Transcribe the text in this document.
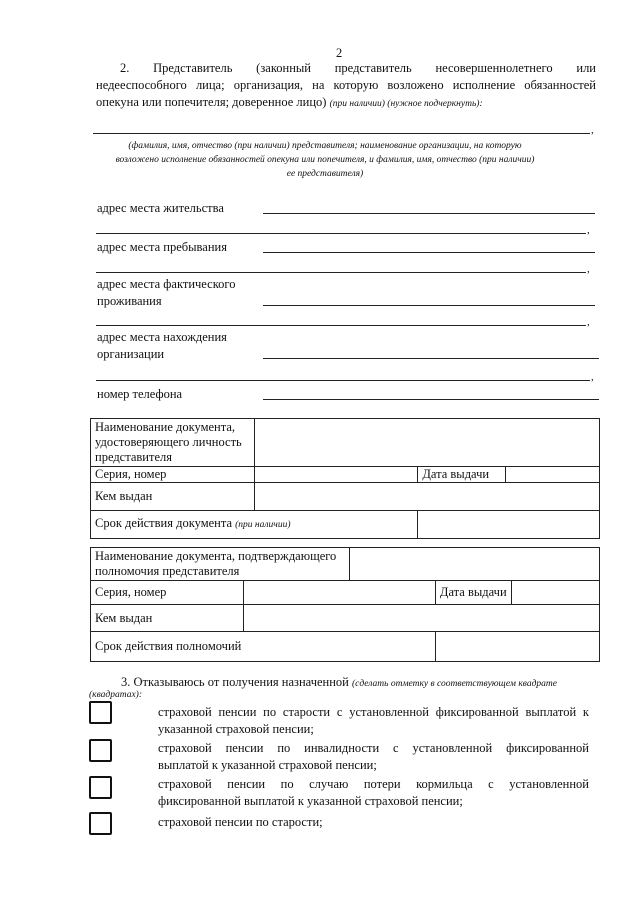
2
2. Представитель (законный представитель несовершеннолетнего или
недееспособного лица; организация, на которую возложено исполнение обязанностей
опекуна или попечителя; доверенное лицо) (при наличии) (нужное подчеркнуть):
,
(фамилия, имя, отчество (при наличии) представителя; наименование организации, на которую
возложено исполнение обязанностей опекуна или попечителя, и фамилия, имя, отчество (при наличии)
ее представителя)
адрес места жительства
,
адрес места пребывания
,
адрес места фактического
проживания
,
адрес места нахождения
организации
,
номер телефона
Наименование документа,
удостоверяющего личность
представителя			

Серия, номер		Дата выдачи	
Кем выдан			
Срок действия документа (при наличии)			
Наименование документа, подтверждающего
полномочия представителя				

Серия, номер			Дата выдачи	
Кем выдан				
Срок действия полномочий				
3. Отказываюсь от получения назначенной (сделать отметку в соответствующем квадрате
(квадратах):
страховой пенсии по старости с установленной фиксированной выплатой к
указанной страховой пенсии;
страховой пенсии по инвалидности с установленной фиксированной
выплатой к указанной страховой пенсии;
страховой пенсии по случаю потери кормильца с установленной
фиксированной выплатой к указанной страховой пенсии;
страховой пенсии по старости;
